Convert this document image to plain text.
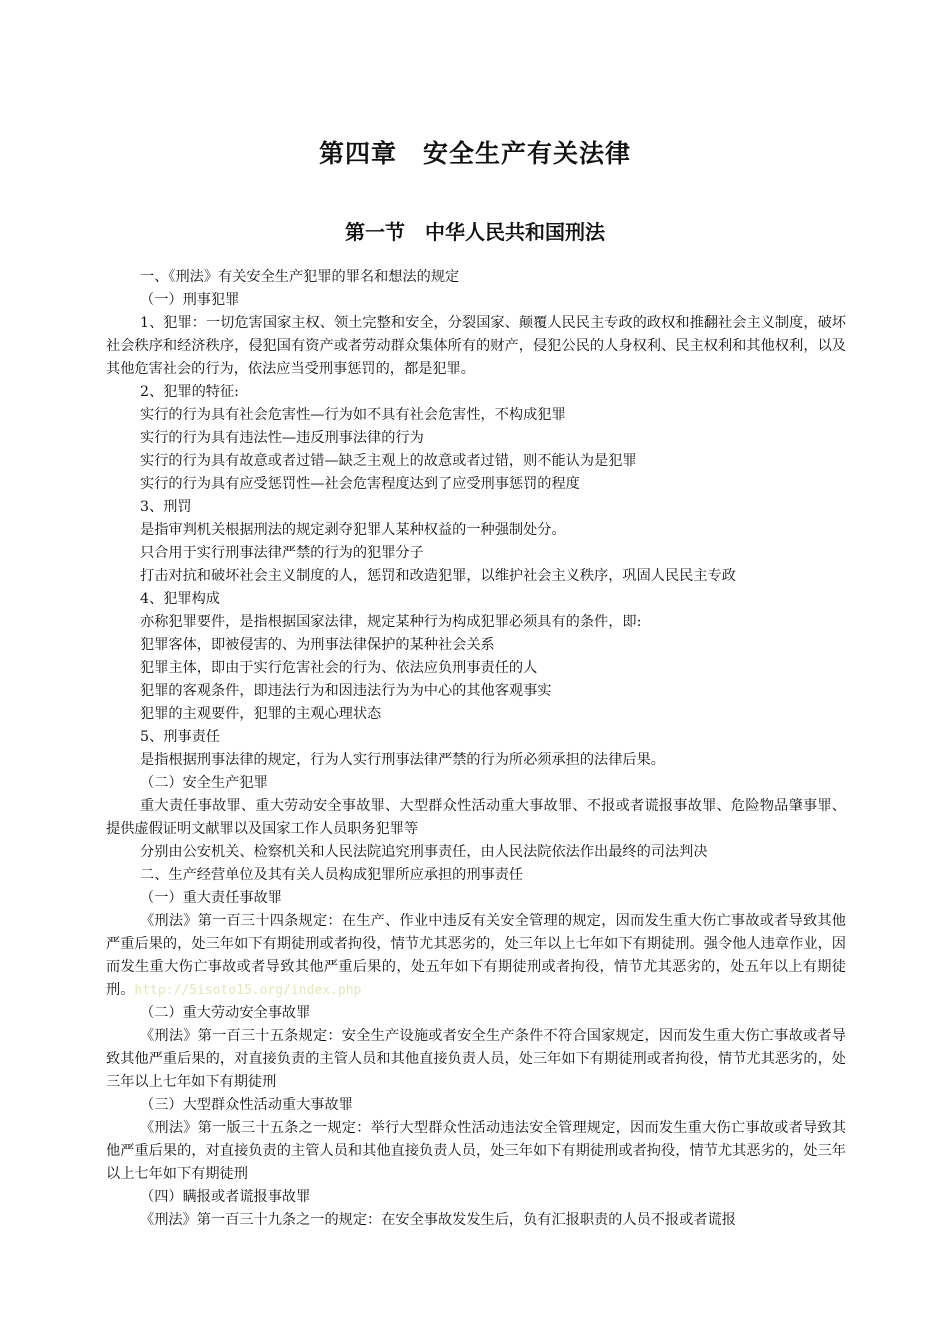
第四章　安全生产有关法律
第一节　中华人民共和国刑法

一、《刑法》有关安全生产犯罪的罪名和想法的规定

（一）刑事犯罪

1、犯罪：一切危害国家主权、领土完整和安全，分裂国家、颠覆人民民主专政的政权和推翻社会主义制度，破坏社会秩序和经济秩序，侵犯国有资产或者劳动群众集体所有的财产，侵犯公民的人身权利、民主权利和其他权利，以及其他危害社会的行为，依法应当受刑事惩罚的，都是犯罪。

2、犯罪的特征:

实行的行为具有社会危害性—行为如不具有社会危害性，不构成犯罪

实行的行为具有违法性—违反刑事法律的行为

实行的行为具有故意或者过错—缺乏主观上的故意或者过错，则不能认为是犯罪

实行的行为具有应受惩罚性—社会危害程度达到了应受刑事惩罚的程度

3、刑罚

是指审判机关根据刑法的规定剥夺犯罪人某种权益的一种强制处分。

只合用于实行刑事法律严禁的行为的犯罪分子

打击对抗和破坏社会主义制度的人，惩罚和改造犯罪，以维护社会主义秩序，巩固人民民主专政

4、犯罪构成

亦称犯罪要件，是指根据国家法律，规定某种行为构成犯罪必须具有的条件，即:

犯罪客体，即被侵害的、为刑事法律保护的某种社会关系

犯罪主体，即由于实行危害社会的行为、依法应负刑事责任的人

犯罪的客观条件，即违法行为和因违法行为为中心的其他客观事实

犯罪的主观要件，犯罪的主观心理状态

5、刑事责任

是指根据刑事法律的规定，行为人实行刑事法律严禁的行为所必须承担的法律后果。

（二）安全生产犯罪

重大责任事故罪、重大劳动安全事故罪、大型群众性活动重大事故罪、不报或者谎报事故罪、危险物品肇事罪、提供虚假证明文献罪以及国家工作人员职务犯罪等

分别由公安机关、检察机关和人民法院追究刑事责任，由人民法院依法作出最终的司法判决

二、生产经营单位及其有关人员构成犯罪所应承担的刑事责任

（一）重大责任事故罪

《刑法》第一百三十四条规定：在生产、作业中违反有关安全管理的规定，因而发生重大伤亡事故或者导致其他严重后果的，处三年如下有期徒刑或者拘役，情节尤其恶劣的，处三年以上七年如下有期徒刑。强令他人违章作业，因而发生重大伤亡事故或者导致其他严重后果的，处五年如下有期徒刑或者拘役，情节尤其恶劣的，处五年以上有期徒刑。http://5isoto15.org/index.php

（二）重大劳动安全事故罪

《刑法》第一百三十五条规定：安全生产设施或者安全生产条件不符合国家规定，因而发生重大伤亡事故或者导致其他严重后果的，对直接负责的主管人员和其他直接负责人员，处三年如下有期徒刑或者拘役，情节尤其恶劣的，处三年以上七年如下有期徒刑

（三）大型群众性活动重大事故罪

《刑法》第一版三十五条之一规定：举行大型群众性活动违法安全管理规定，因而发生重大伤亡事故或者导致其他严重后果的，对直接负责的主管人员和其他直接负责人员，处三年如下有期徒刑或者拘役，情节尤其恶劣的，处三年以上七年如下有期徒刑

（四）瞒报或者谎报事故罪

《刑法》第一百三十九条之一的规定：在安全事故发发生后，负有汇报职责的人员不报或者谎报
